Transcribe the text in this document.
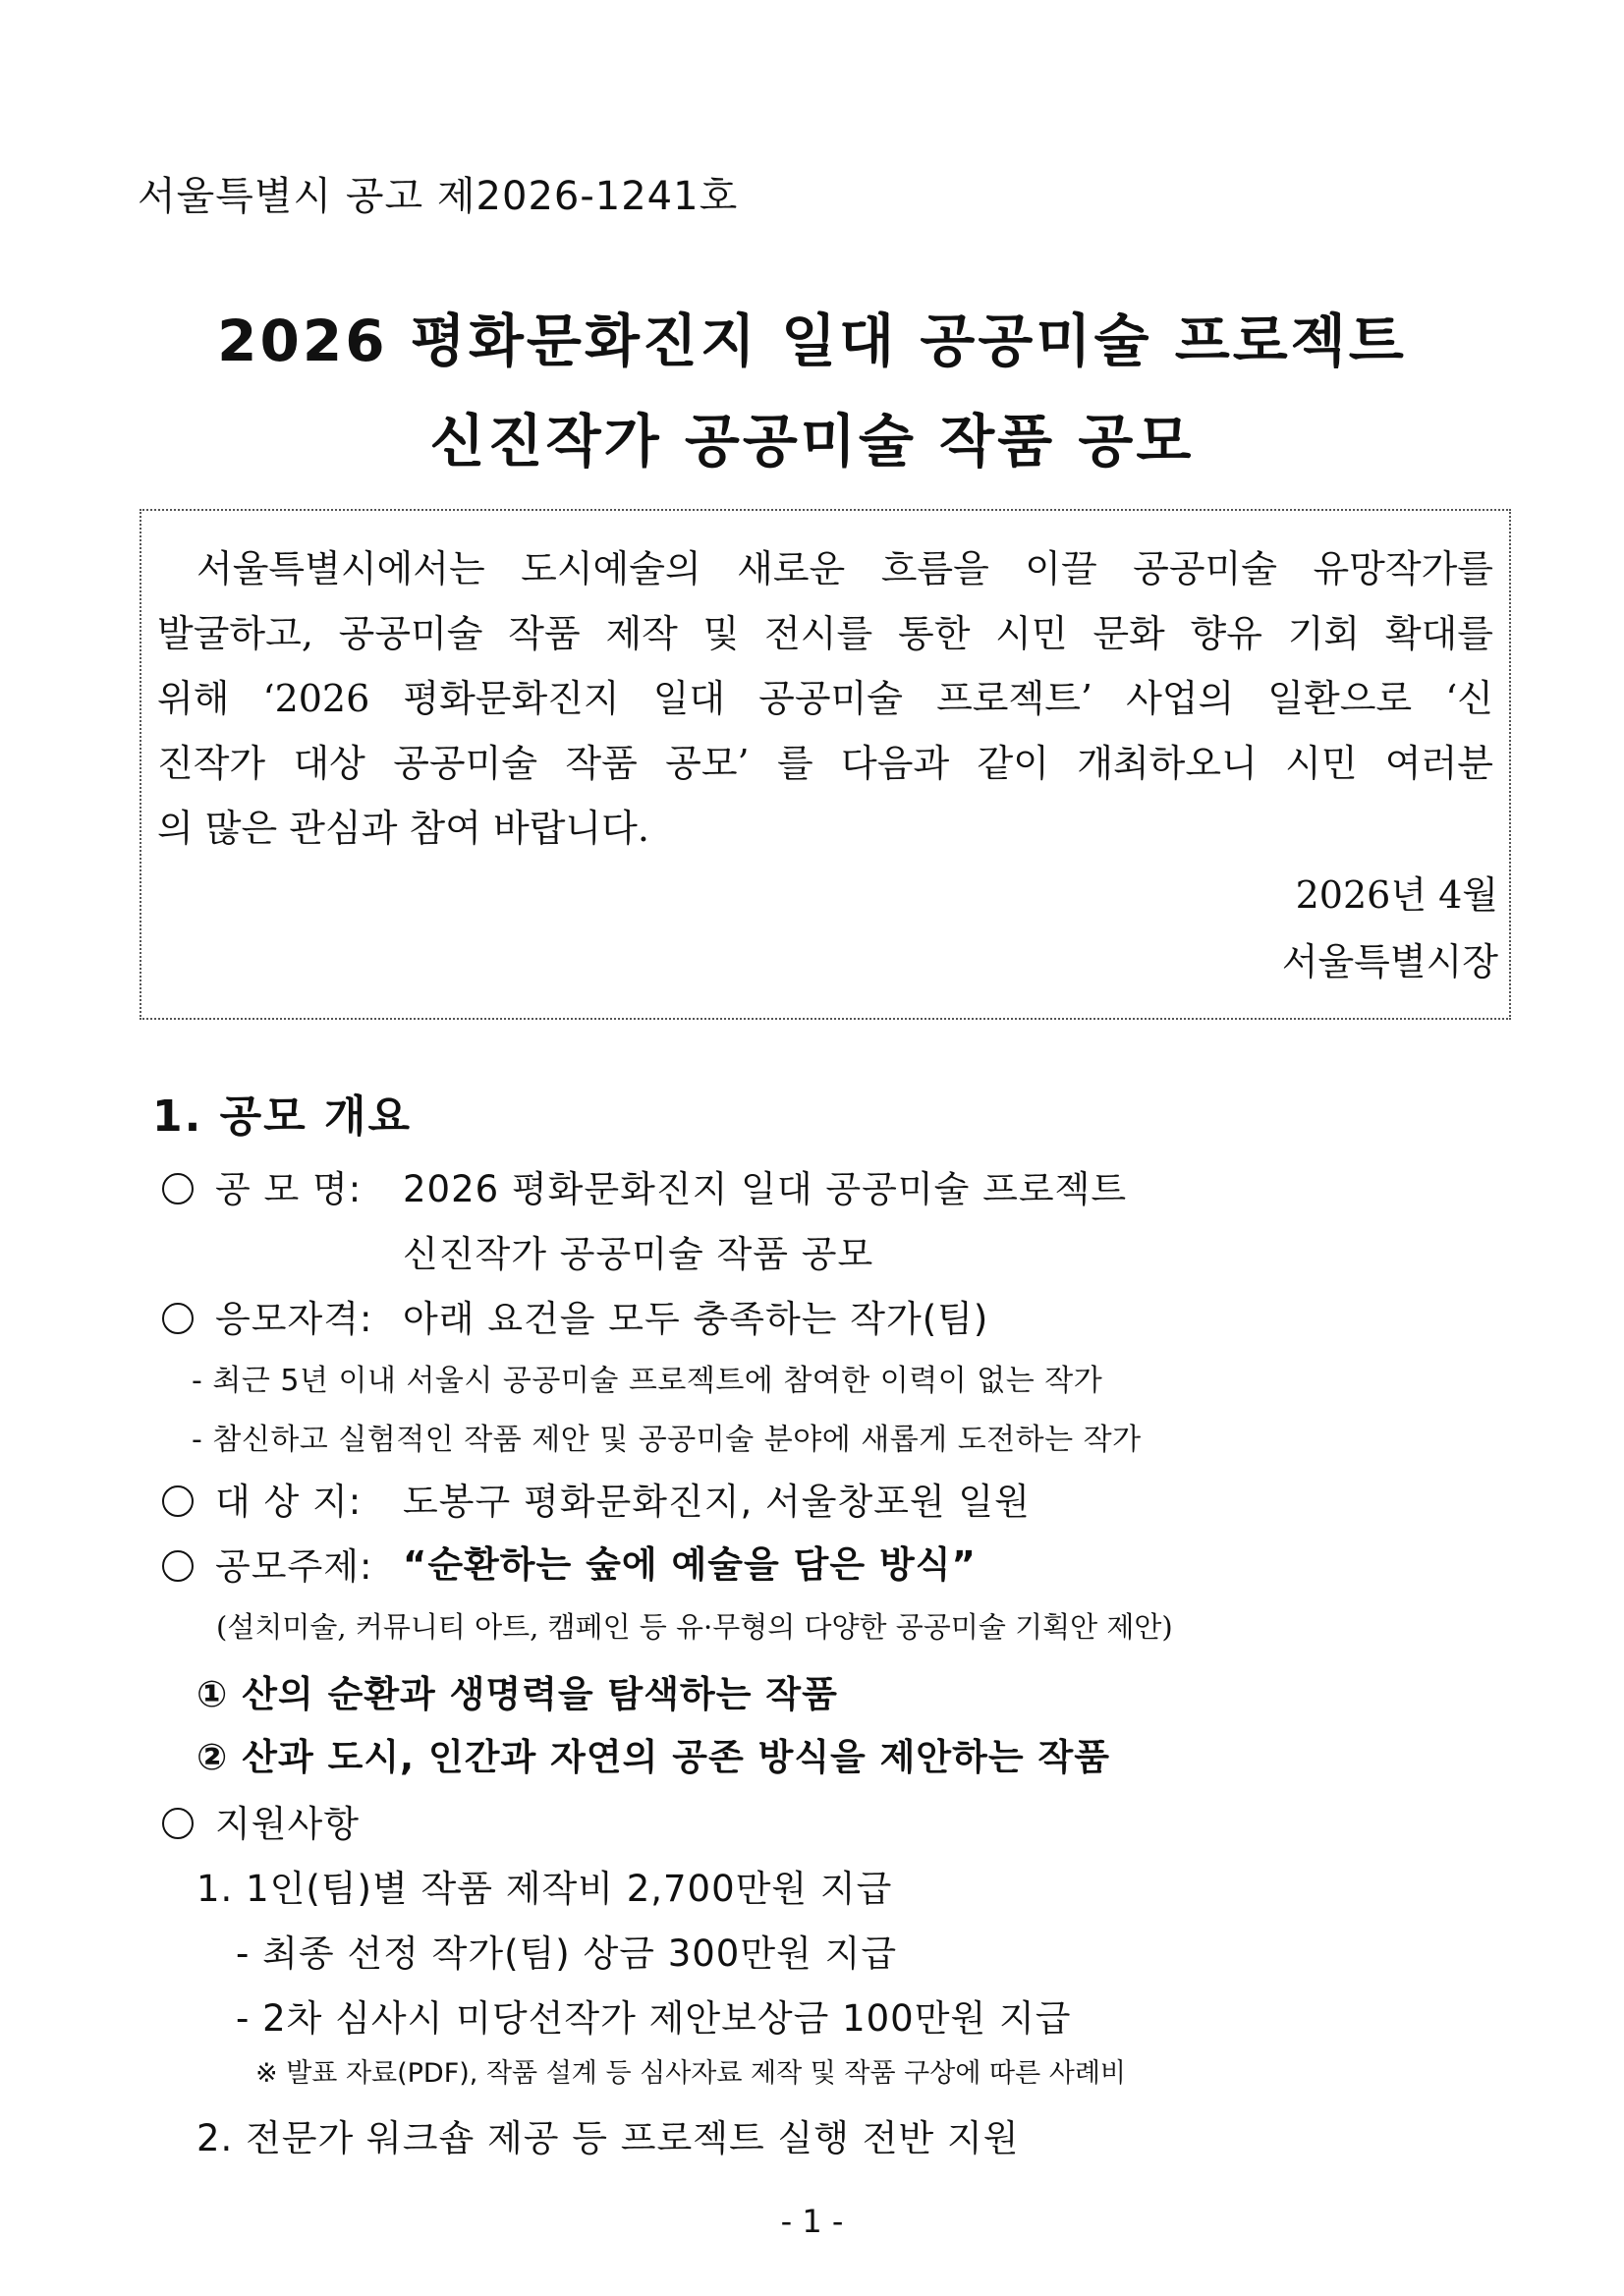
서울특별시 공고 제2026-1241호
2026 평화문화진지 일대 공공미술 프로젝트
신진작가 공공미술 작품 공모
서울특별시에서는 도시예술의 새로운 흐름을 이끌 공공미술 유망작가를
발굴하고, 공공미술 작품 제작 및 전시를 통한 시민 문화 향유 기회 확대를
위해 ‘2026 평화문화진지 일대 공공미술 프로젝트’ 사업의 일환으로 ‘신
진작가 대상 공공미술 작품 공모’ 를 다음과 같이 개최하오니 시민 여러분
의 많은 관심과 참여 바랍니다.
2026년 4월
서울특별시장
1. 공모 개요
공 모 명: 2026 평화문화진지 일대 공공미술 프로젝트
신진작가 공공미술 작품 공모
응모자격: 아래 요건을 모두 충족하는 작가(팀)
- 최근 5년 이내 서울시 공공미술 프로젝트에 참여한 이력이 없는 작가
- 참신하고 실험적인 작품 제안 및 공공미술 분야에 새롭게 도전하는 작가
대 상 지: 도봉구 평화문화진지, 서울창포원 일원
공모주제: “순환하는 숲에 예술을 담은 방식”
(설치미술, 커뮤니티 아트, 캠페인 등 유·무형의 다양한 공공미술 기획안 제안)
① 산의 순환과 생명력을 탐색하는 작품
② 산과 도시, 인간과 자연의 공존 방식을 제안하는 작품
지원사항
1. 1인(팀)별 작품 제작비 2,700만원 지급
- 최종 선정 작가(팀) 상금 300만원 지급
- 2차 심사시 미당선작가 제안보상금 100만원 지급
※ 발표 자료(PDF), 작품 설계 등 심사자료 제작 및 작품 구상에 따른 사례비
2. 전문가 워크숍 제공 등 프로젝트 실행 전반 지원
- 1 -
